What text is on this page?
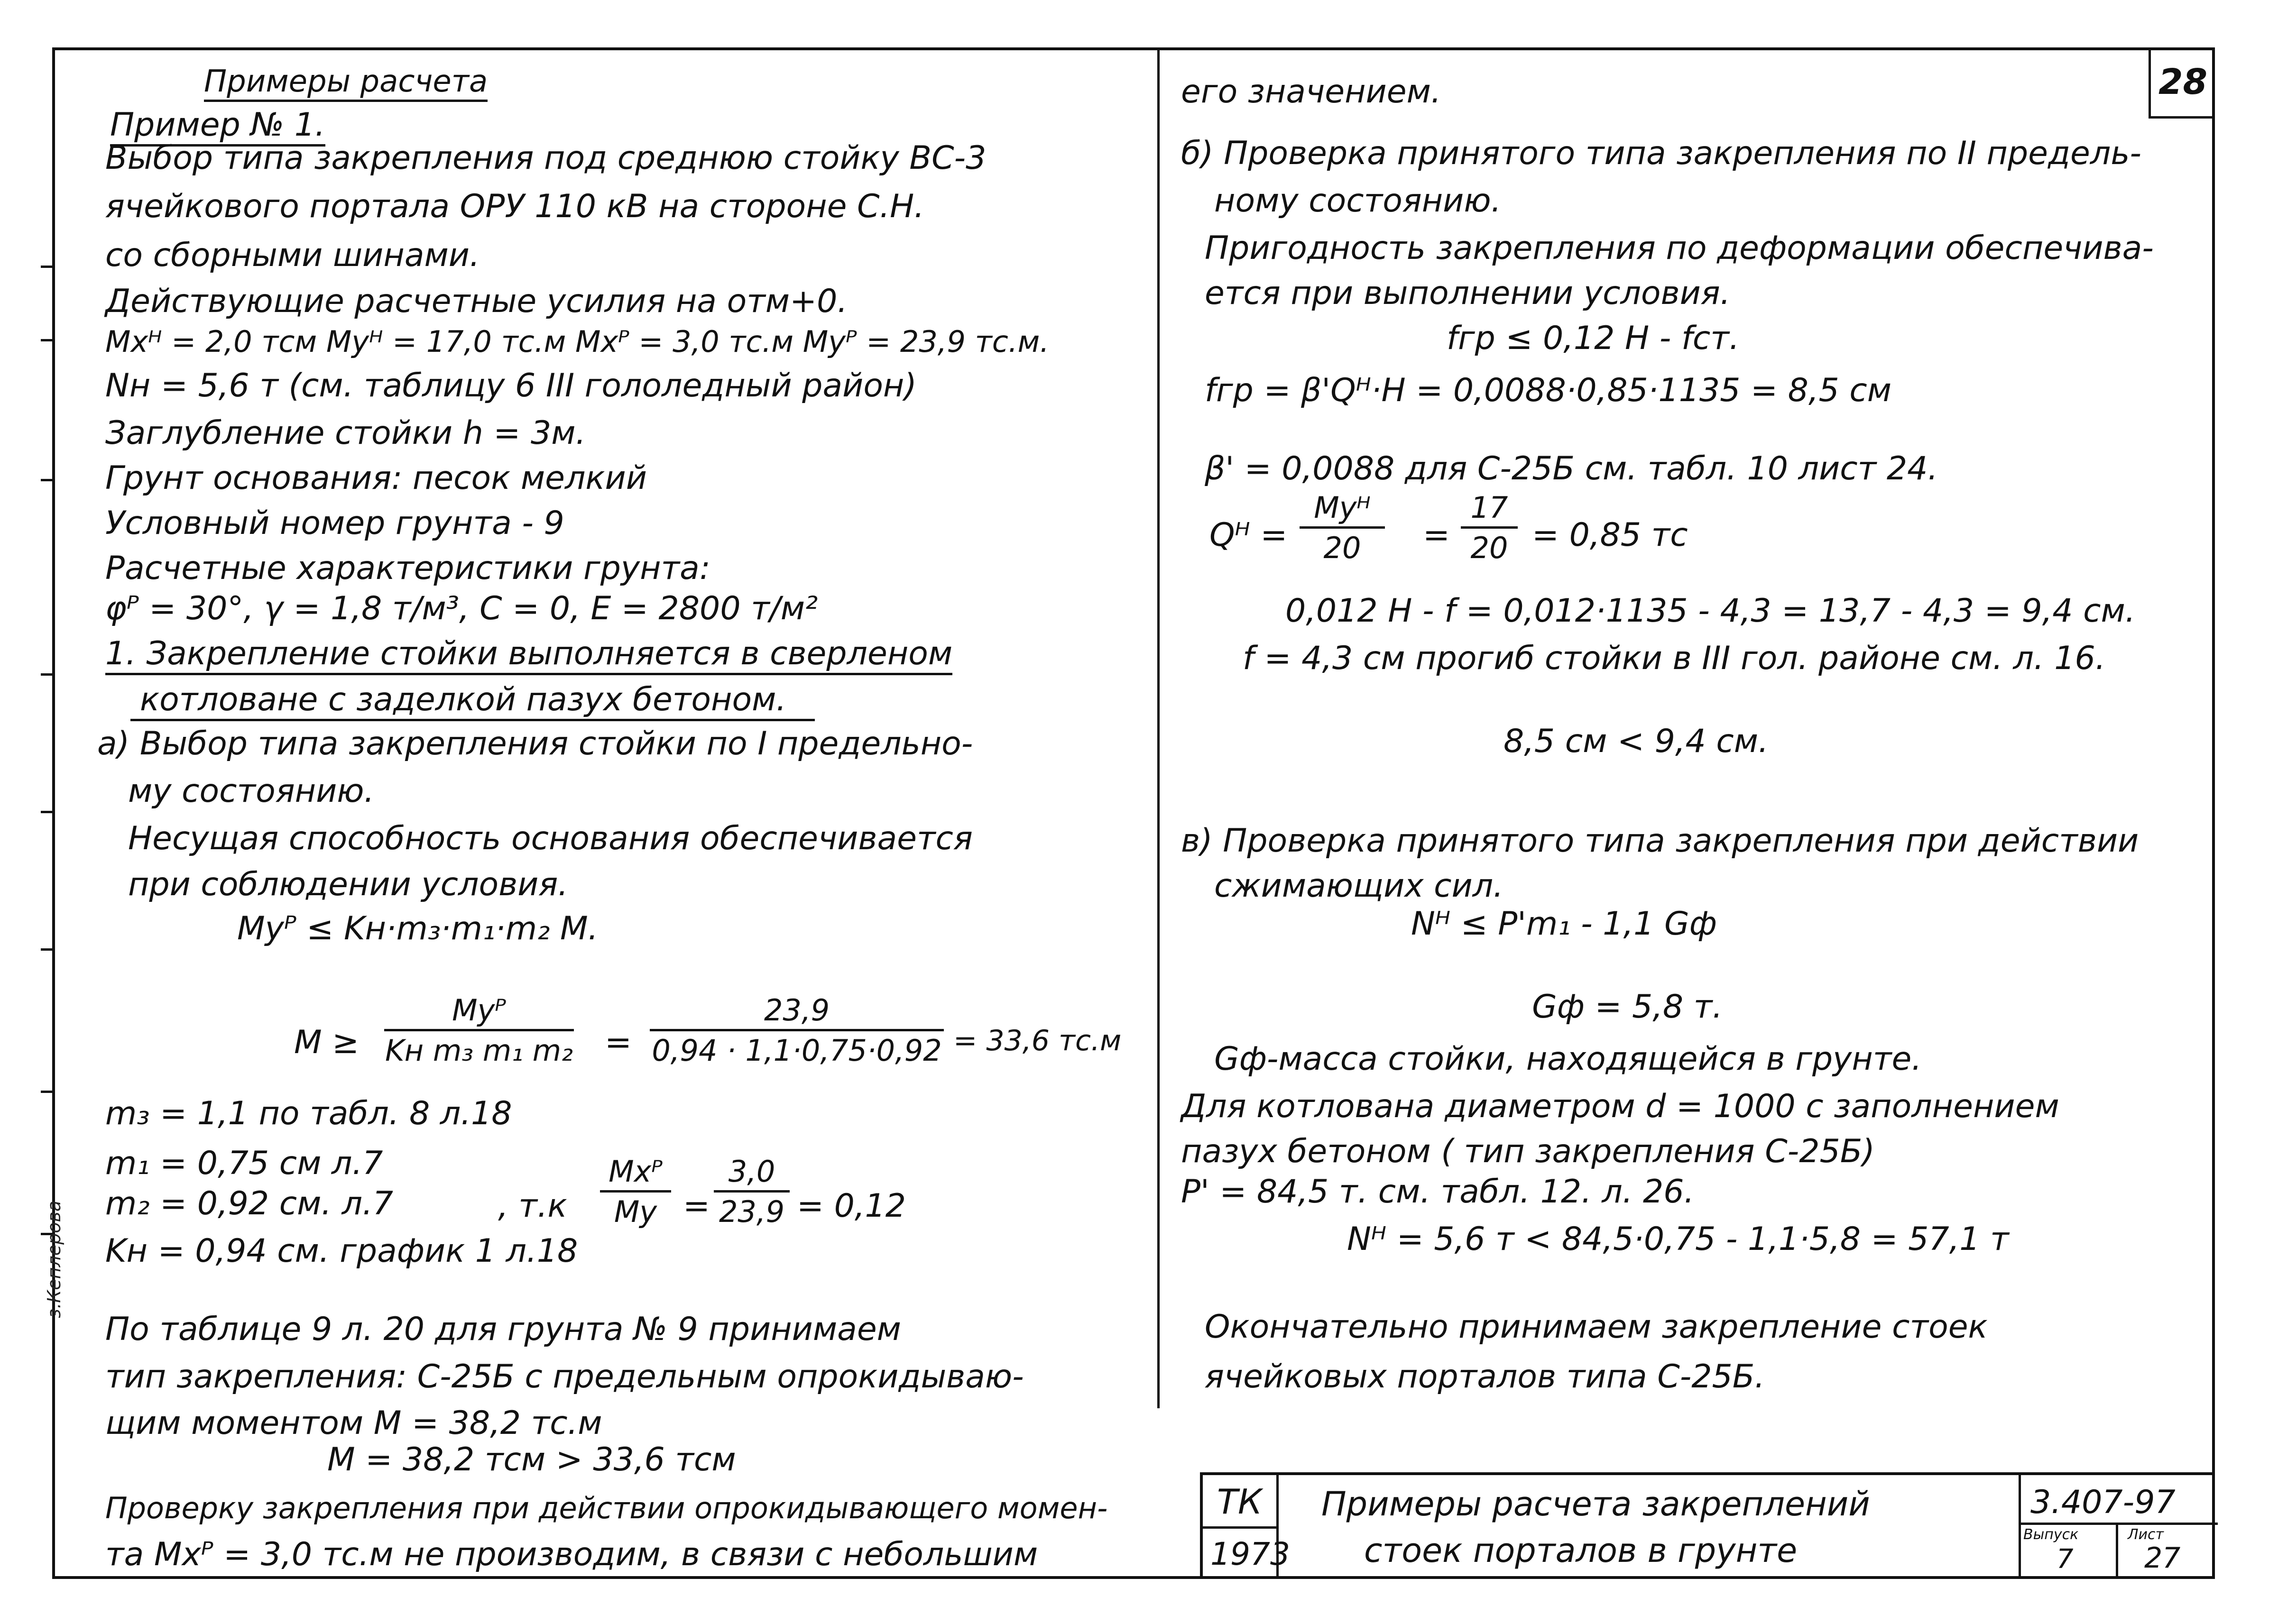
з.Кеплерова
28
Примеры расчета
Пример № 1.
Выбор типа закрепления под среднюю стойку ВС-3
ячейкового портала ОРУ 110 кВ на стороне С.Н.
со сборными шинами.
Действующие расчетные усилия на отм+0.
Mxᴴ = 2,0 тсм Myᴴ = 17,0 тс.м Mxᴾ = 3,0 тс.м Myᴾ = 23,9 тс.м.
Nн = 5,6 т (см. таблицу 6 III гололедный район)
Заглубление стойки h = 3м.
Грунт основания: песок мелкий
Условный номер грунта - 9
Расчетные характеристики грунта:
φᴾ = 30°, γ = 1,8 т/м³, C = 0, E = 2800 т/м²
1. Закрепление стойки выполняется в сверленом
котловане с заделкой пазух бетоном.
а) Выбор типа закрепления стойки по I предельно-
му состоянию.
Несущая способность основания обеспечивается
при соблюдении условия.
Myᴾ ≤ Kн·m₃·m₁·m₂ M.
M ≥
Myᴾ
Kн m₃ m₁ $m_2 = \frac{23,9}{0,94 \cdot 1,1\cdot 0,75\cdot 0,92} = 33,6$ тс.м
m₃ = 1,1 по табл. 8 л.18
m₁ = 0,75 см л.7
m₂ = 0,92 см. л.7
Kн = 0,94 см. график 1 л.18
, т.к
Mxᴾ
$My = \frac{3,0}{23,9} = 0,12$
По таблице 9 л. 20 для грунта № 9 принимаем
тип закрепления: С-25Б с предельным опрокидываю-
щим моментом M = 38,2 тс.м
M = 38,2 тсм > 33,6 тсм
Проверку закрепления при действии опрокидывающего момен-
та Mxᴾ = 3,0 тс.м не производим, в связи с небольшим
его значением.
б) Проверка принятого типа закрепления по II предель-
ному состоянию.
Пригодность закрепления по деформации обеспечива-
ется при выполнении условия.
fгр ≤ 0,12 H - fст.
fгр = β'Qᴴ·H = 0,0088·0,85·1135 = 8,5 см
β' = 0,0088 для С-25Б см. табл. 10 лист 24.
Qᴴ =
Myᴴ
20	= $\frac{17}{20} = 0,85$ тс
0,012 H - f = 0,012·1135 - 4,3 = 13,7 - 4,3 = 9,4 см.
f = 4,3 см прогиб стойки в III гол. районе см. л. 16.
8,5 см < 9,4 см.
в) Проверка принятого типа закрепления при действии
сжимающих сил.
Nᴴ ≤ P'm₁ - 1,1 Gф
Gф = 5,8 т.
Gф-масса стойки, находящейся в грунте.
Для котлована диаметром d = 1000 с заполнением
пазух бетоном ( тип закрепления С-25Б)
P' = 84,5 т. см. табл. 12. л. 26.
Nᴴ = 5,6 т < 84,5·0,75 - 1,1·5,8 = 57,1 т
Окончательно принимаем закрепление стоек
ячейковых порталов типа С-25Б.
ТК
1973
Примеры расчета закреплений
стоек порталов в грунте
3.407-97
Выпуск
7
Лист
27
